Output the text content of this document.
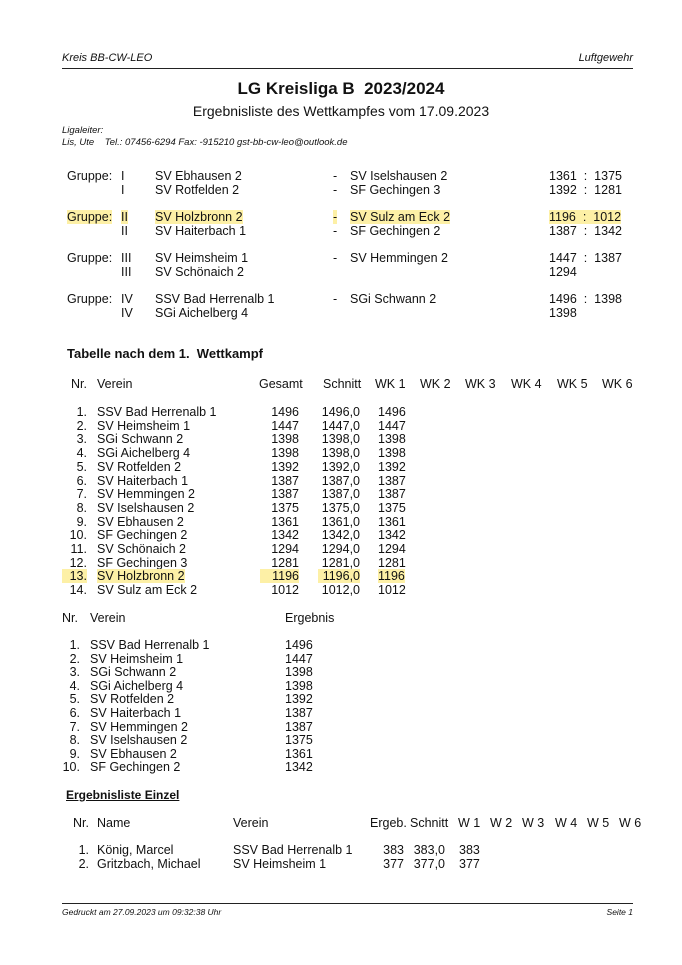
Kreis BB-CW-LEO	Luftgewehr
LG Kreisliga B  2023/2024
Ergebnisliste des Wettkampfes vom 17.09.2023
Ligaleiter:
Lis, Ute    Tel.: 07456-6294 Fax: -915210 gst-bb-cw-leo@outlook.de
Gruppe: I SV Ebhausen 2	- SV Iselshausen 2	1361  :  1375
I SV Rotfelden 2	- SF Gechingen 3	1392  :  1281
Gruppe: II SV Holzbronn 2	- SV Sulz am Eck 2	1196  :  1012
II SV Haiterbach 1	- SF Gechingen 2	1387  :  1342
Gruppe: III SV Heimsheim 1	- SV Hemmingen 2	1447  :  1387
III SV Schönaich 2	1294
Gruppe: IV SSV Bad Herrenalb 1	- SGi Schwann 2	1496  :  1398
IV SGi Aichelberg 4	1398
Tabelle nach dem 1.  Wettkampf
Nr. Verein	Gesamt Schnitt WK 1 WK 2 WK 3 WK 4 WK 5 WK 6
1. SSV Bad Herrenalb 1	1496	1496,0 1496
2. SV Heimsheim 1	1447	1447,0 1447
3. SGi Schwann 2	1398	1398,0 1398
4. SGi Aichelberg 4	1398	1398,0 1398
5. SV Rotfelden 2	1392	1392,0 1392
6. SV Haiterbach 1	1387	1387,0 1387
7. SV Hemmingen 2	1387	1387,0 1387
8. SV Iselshausen 2	1375	1375,0 1375
9. SV Ebhausen 2	1361	1361,0 1361
10. SF Gechingen 2	1342	1342,0 1342
11. SV Schönaich 2	1294	1294,0 1294
12. SF Gechingen 3	1281	1281,0 1281
13. SV Holzbronn 2	1196	1196,0 1196
14. SV Sulz am Eck 2	1012	1012,0 1012
Nr. Verein	Ergebnis
1. SSV Bad Herrenalb 1	1496
2. SV Heimsheim 1	1447
3. SGi Schwann 2	1398
4. SGi Aichelberg 4	1398
5. SV Rotfelden 2	1392
6. SV Haiterbach 1	1387
7. SV Hemmingen 2	1387
8. SV Iselshausen 2	1375
9. SV Ebhausen 2	1361
10. SF Gechingen 2	1342
Ergebnisliste Einzel
Nr. Name	Verein	Ergeb. Schnitt W 1 W 2 W 3 W 4 W 5 W 6
1. König, Marcel	SSV Bad Herrenalb 1	383 383,0 383
2. Gritzbach, Michael	SV Heimsheim 1	377 377,0 377
Gedruckt am 27.09.2023 um 09:32:38 Uhr	Seite 1
